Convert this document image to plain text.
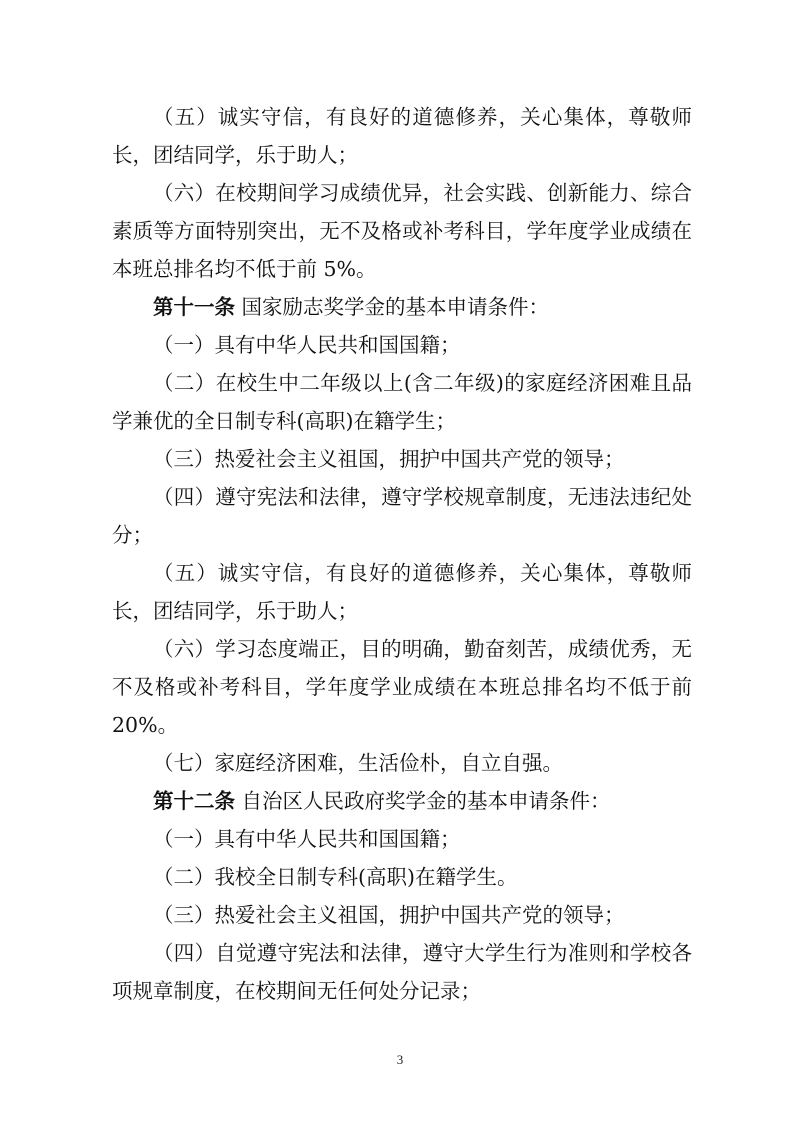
（五）诚实守信，有良好的道德修养，关心集体，尊敬师长，团结同学，乐于助人；

（六）在校期间学习成绩优异，社会实践、创新能力、综合素质等方面特别突出，无不及格或补考科目，学年度学业成绩在本班总排名均不低于前 5%。

第十一条 国家励志奖学金的基本申请条件：

（一）具有中华人民共和国国籍；

（二）在校生中二年级以上(含二年级)的家庭经济困难且品学兼优的全日制专科(高职)在籍学生；

（三）热爱社会主义祖国，拥护中国共产党的领导；

（四）遵守宪法和法律，遵守学校规章制度，无违法违纪处分；

（五）诚实守信，有良好的道德修养，关心集体，尊敬师长，团结同学，乐于助人；

（六）学习态度端正，目的明确，勤奋刻苦，成绩优秀，无不及格或补考科目，学年度学业成绩在本班总排名均不低于前 20%。

（七）家庭经济困难，生活俭朴，自立自强。

第十二条 自治区人民政府奖学金的基本申请条件：

（一）具有中华人民共和国国籍；

（二）我校全日制专科(高职)在籍学生。

（三）热爱社会主义祖国，拥护中国共产党的领导；

（四）自觉遵守宪法和法律，遵守大学生行为准则和学校各项规章制度，在校期间无任何处分记录；

3
